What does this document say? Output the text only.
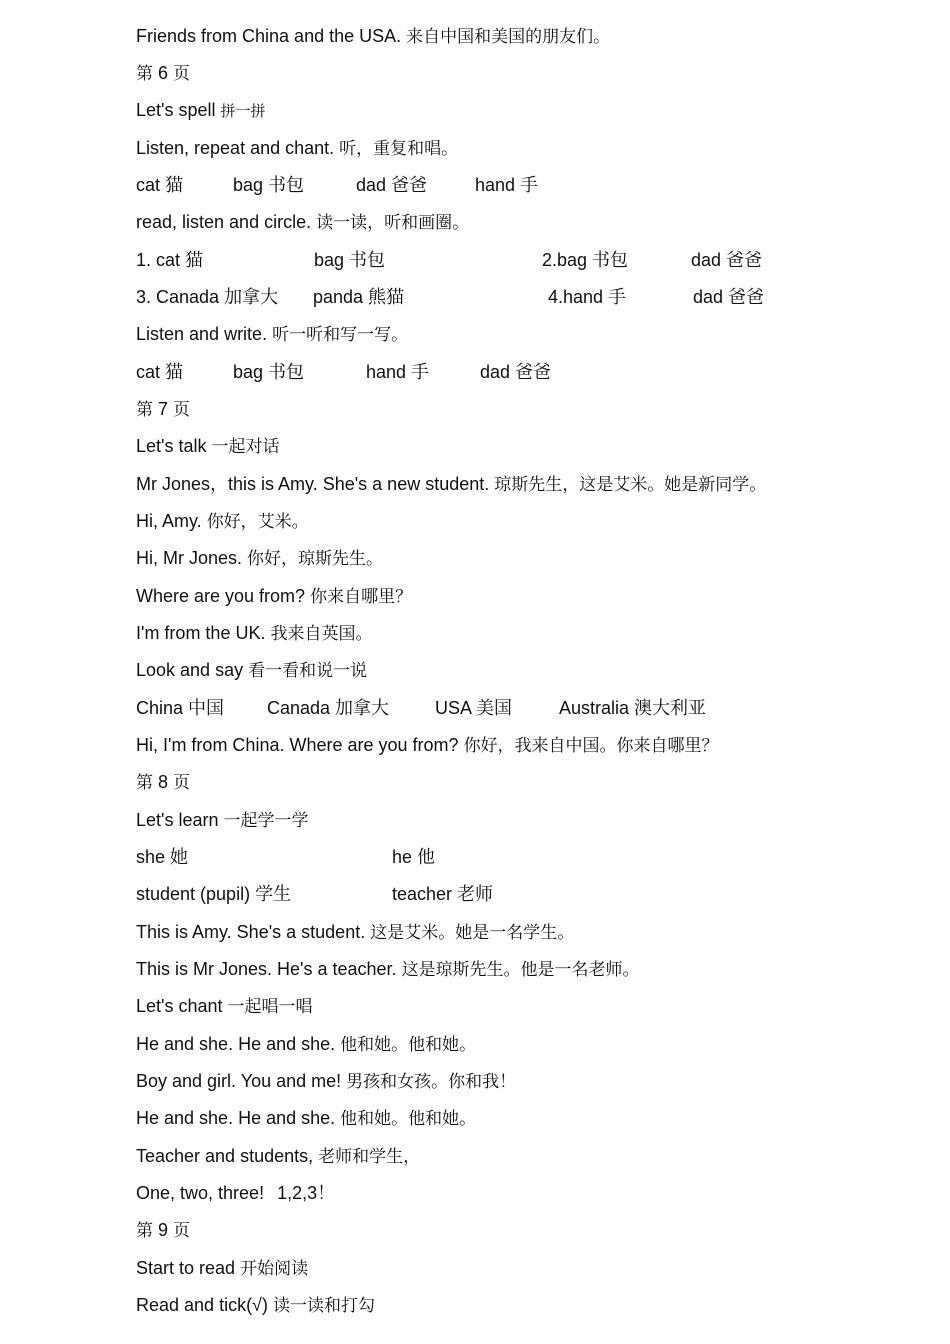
Friends from China and the USA. 来自中国和美国的朋友们。
第 6 页
Let's spell 拼一拼
Listen, repeat and chant. 听，重复和唱。
cat 猫	bag 书包	dad 爸爸	hand 手
read, listen and circle. 读一读，听和画圈。
1. cat 猫	bag 书包	2.bag 书包	dad 爸爸
3. Canada 加拿大 panda 熊猫	4.hand 手	dad 爸爸
Listen and write. 听一听和写一写。
cat 猫	bag 书包	hand 手	dad 爸爸
第 7 页
Let's talk 一起对话
Mr Jones，this is Amy. She's a new student. 琼斯先生，这是艾米。她是新同学。
Hi, Amy. 你好，艾米。
Hi, Mr Jones. 你好，琼斯先生。
Where are you from? 你来自哪里？
I'm from the UK. 我来自英国。
Look and say 看一看和说一说
China 中国 Canada 加拿大	USA 美国	Australia 澳大利亚
Hi, I'm from China. Where are you from? 你好，我来自中国。你来自哪里？
第 8 页
Let's learn 一起学一学
she 她	he 他
student (pupil) 学生	teacher 老师
This is Amy. She's a student. 这是艾米。她是一名学生。
This is Mr Jones. He's a teacher. 这是琼斯先生。他是一名老师。
Let's chant 一起唱一唱
He and she. He and she. 他和她。他和她。
Boy and girl. You and me! 男孩和女孩。你和我！
He and she. He and she. 他和她。他和她。
Teacher and students, 老师和学生，
One, two, three! 1,2,3！
第 9 页
Start to read 开始阅读
Read and tick(√) 读一读和打勾
